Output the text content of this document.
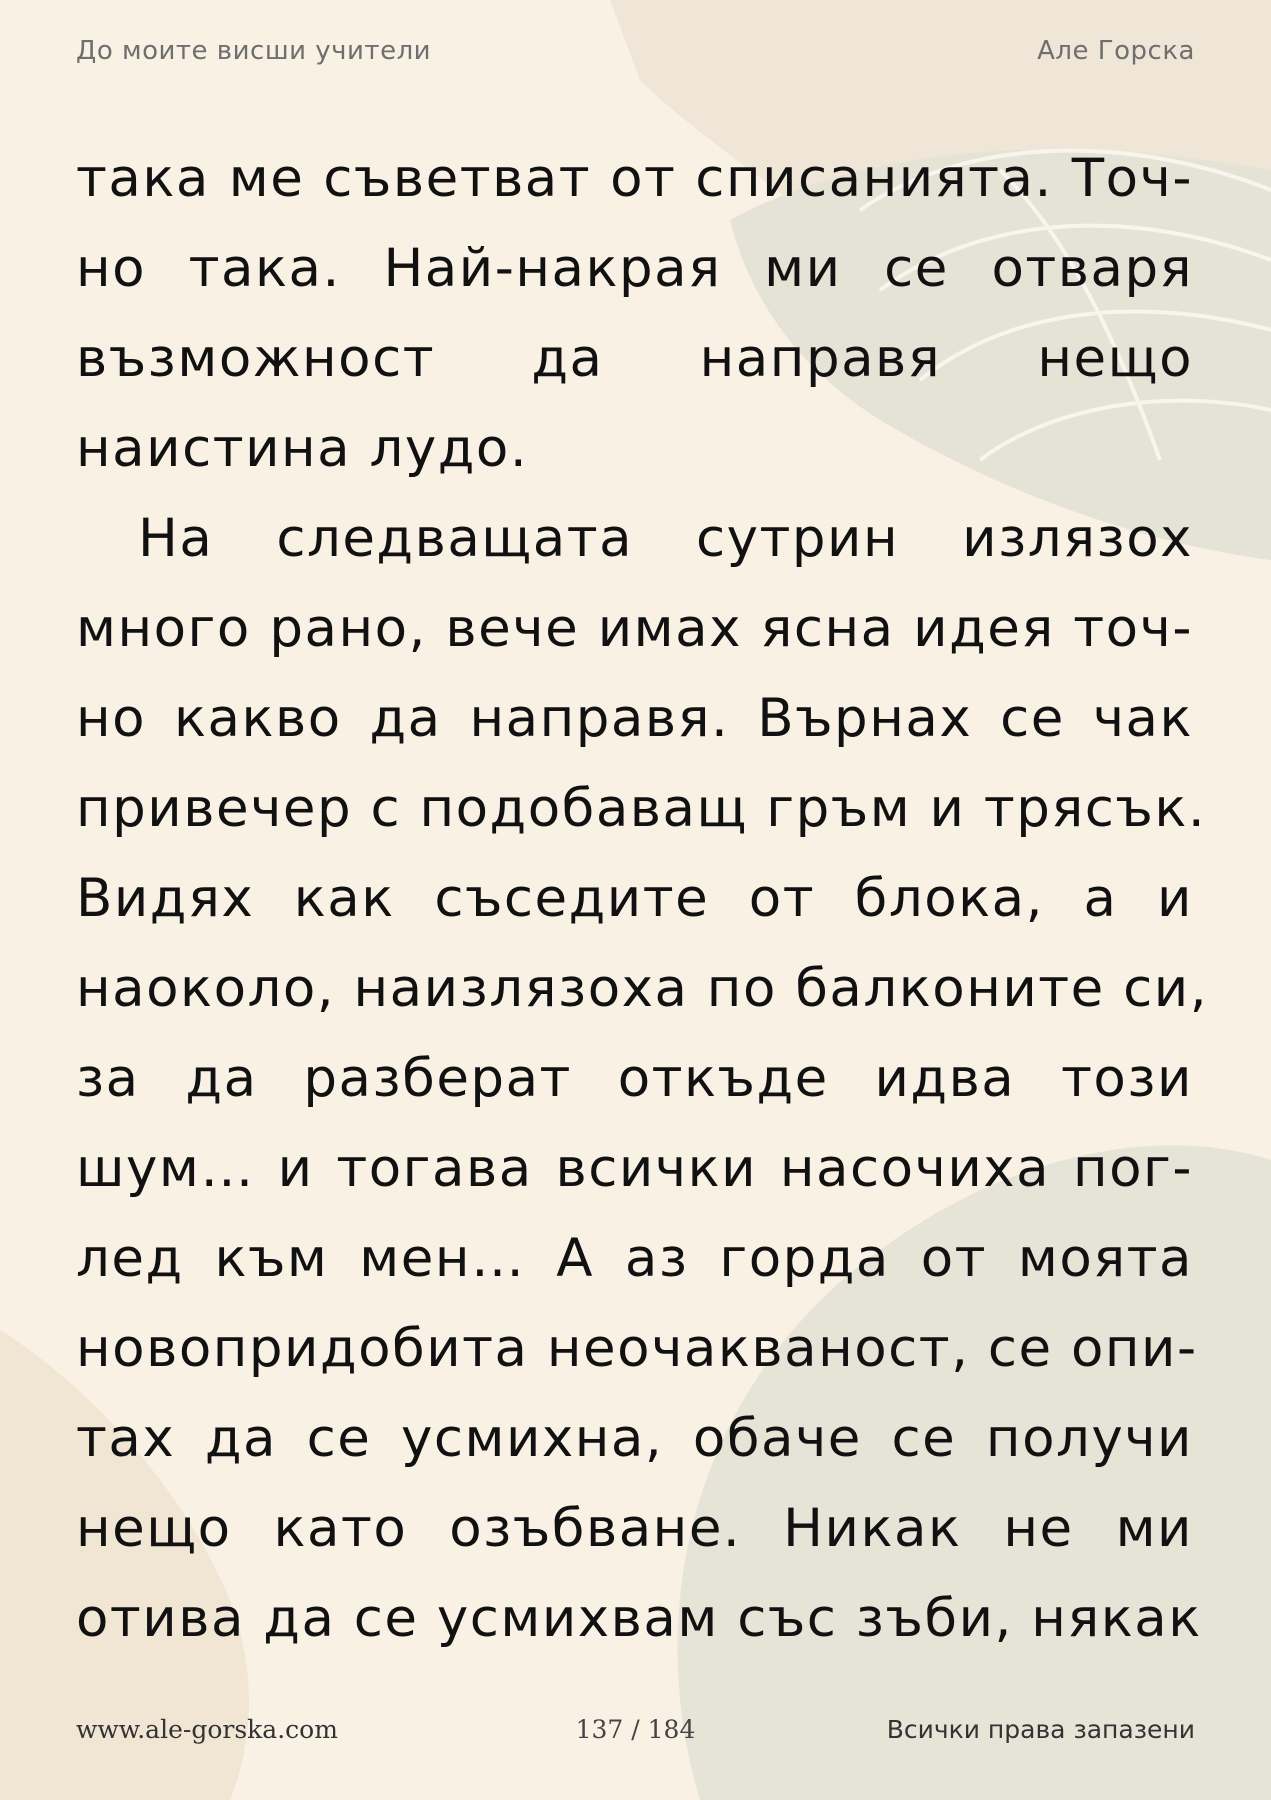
До моите висши учители	Але Горска
така ме съветват от списанията. Точ-
но така. Най-накрая ми се отваря
възможност да направя нещо
наистина лудо.
На следващата сутрин излязох
много рано, вече имах ясна идея точ-
но какво да направя. Върнах се чак
привечер с подобаващ гръм и трясък.
Видях как съседите от блока, а и
наоколо, наизлязоха по балконите си,
за да разберат откъде идва този
шум… и тогава всички насочиха пог-
лед към мен… А аз горда от моята
новопридобита неочакваност, се опи-
тах да се усмихна, обаче се получи
нещо като озъбване. Никак не ми
отива да се усмихвам със зъби, някак
www.ale-gorska.com	137 / 184	Всички права запазени
